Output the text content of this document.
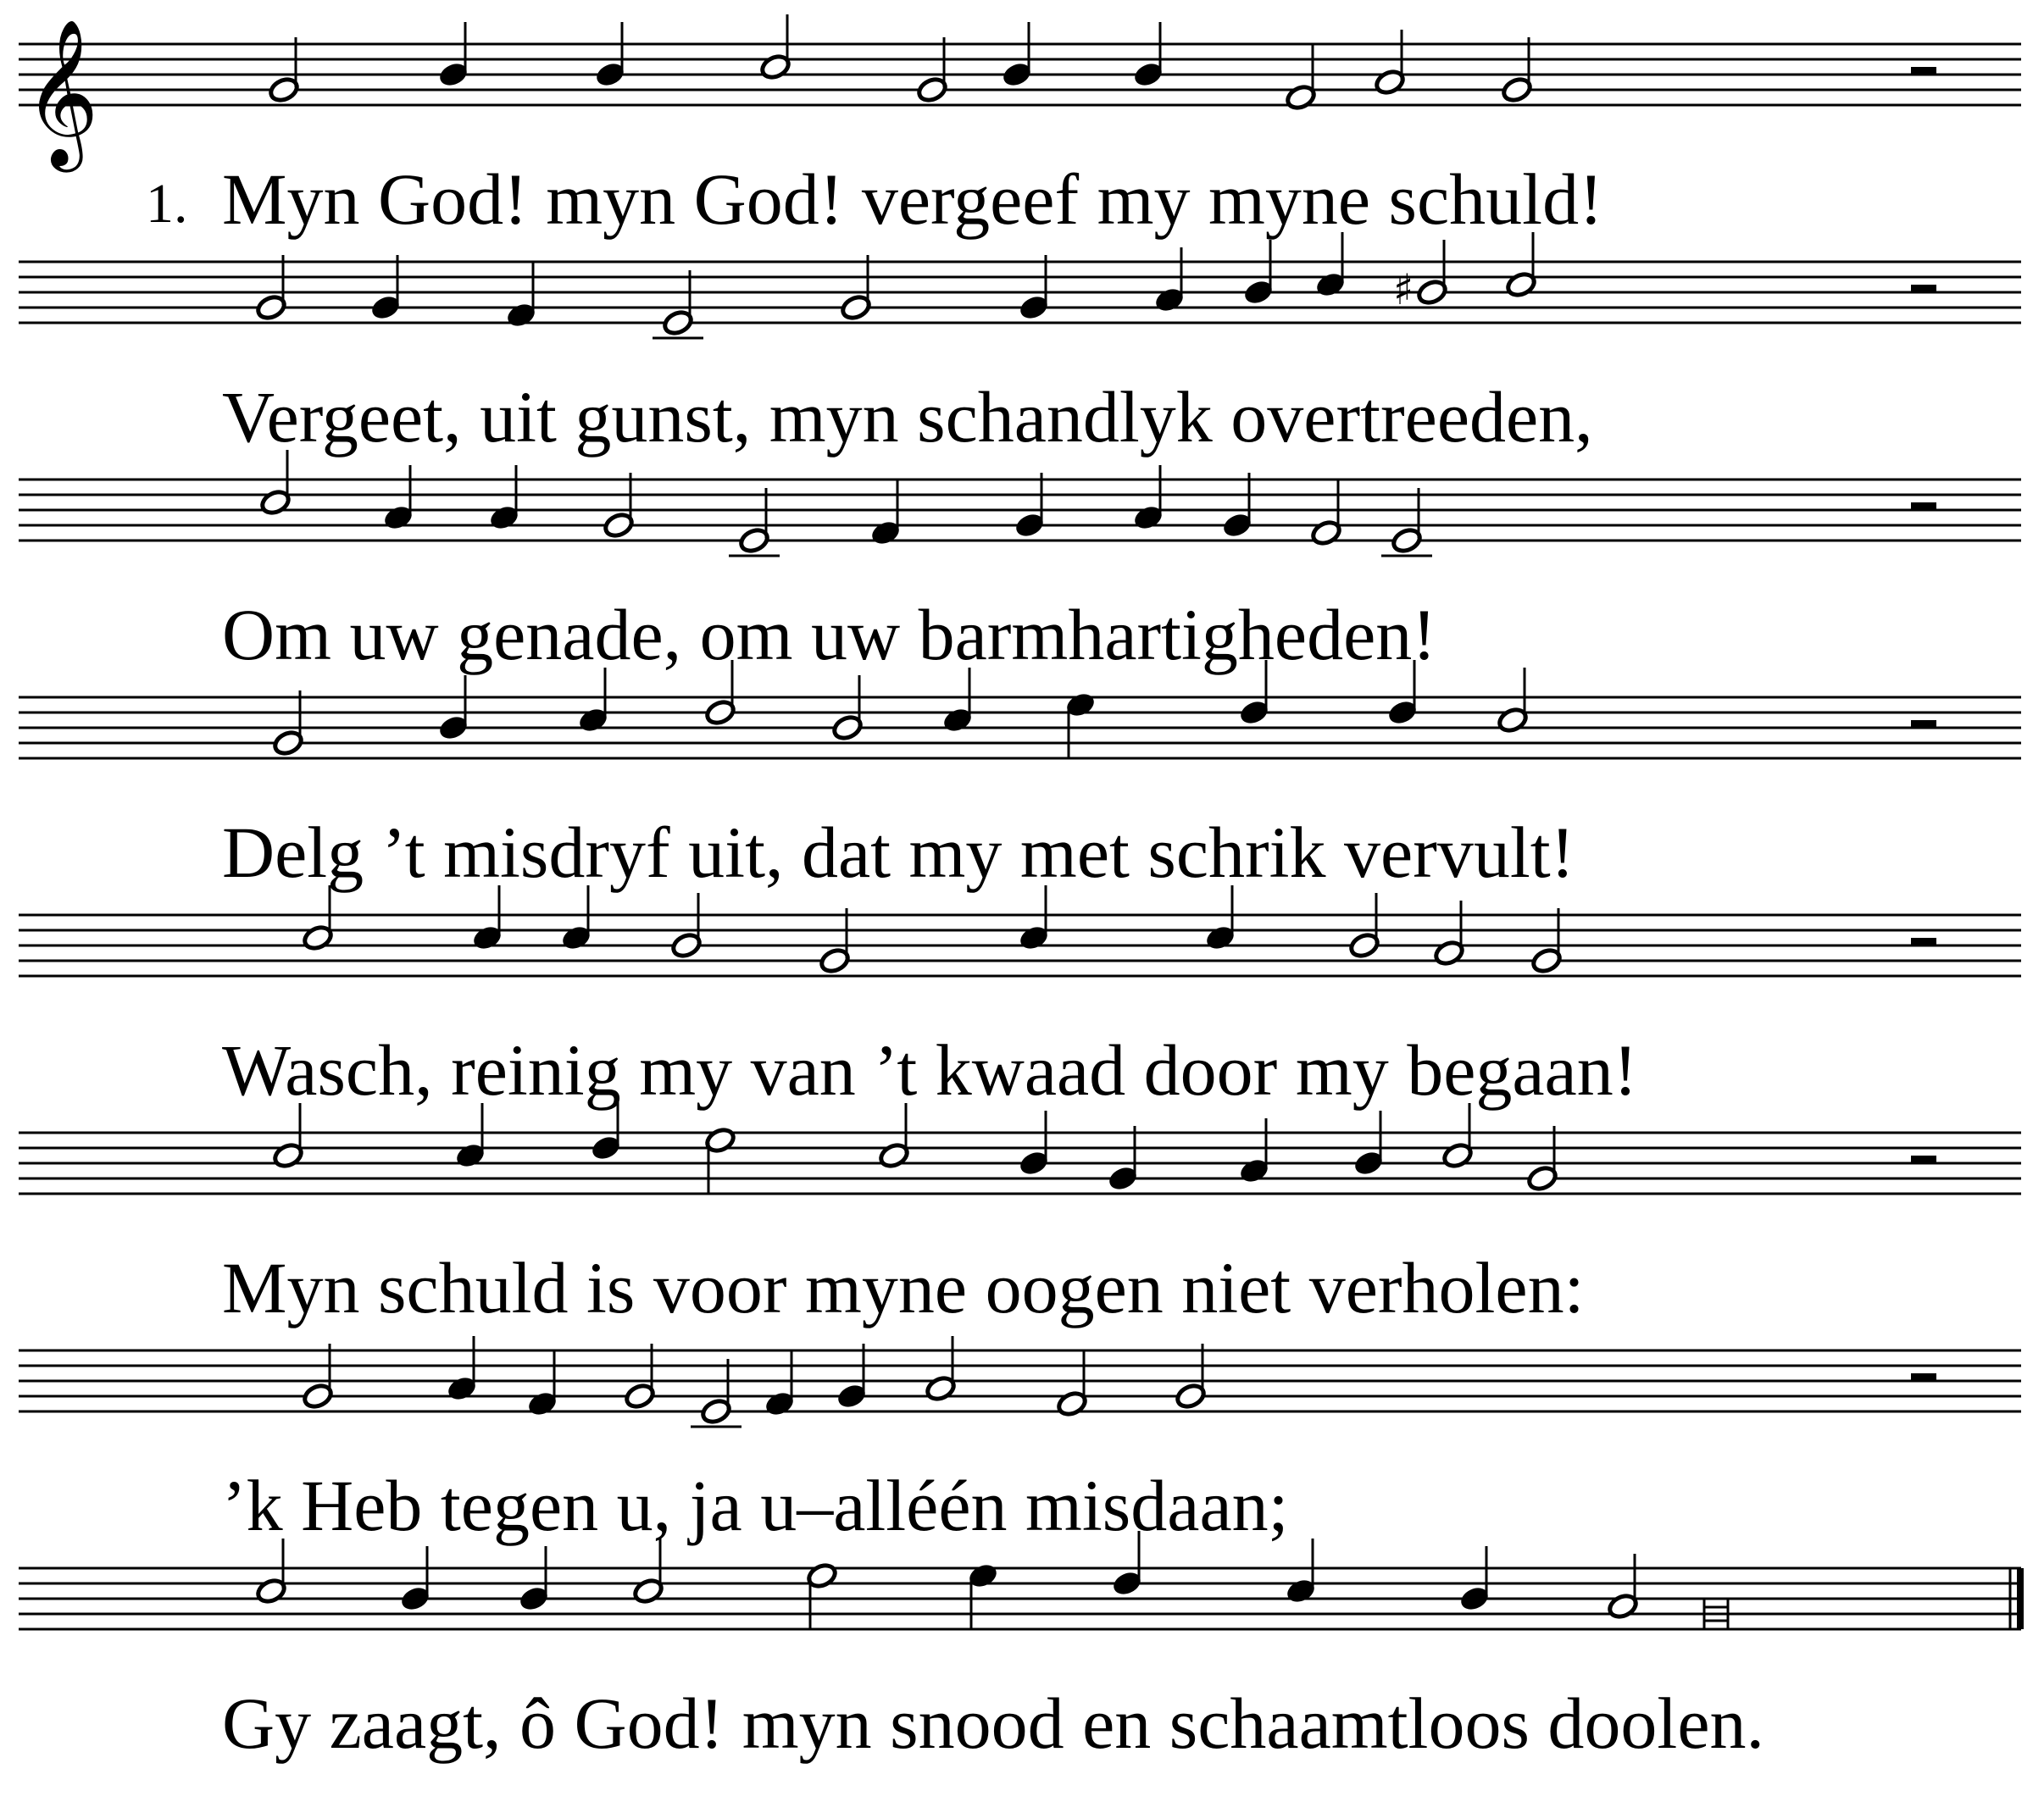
𝄞
♯
Myn God! myn God! vergeef my myne schuld!
Vergeet, uit gunst, myn schandlyk overtreeden,
Om uw genade, om uw barmhartigheden!
Delg ’t misdryf uit, dat my met schrik vervult!
Wasch, reinig my van ’t kwaad door my begaan!
Myn schuld is voor myne oogen niet verholen:
’k Heb tegen u, ja u–alléén misdaan;
Gy zaagt, ô God! myn snood en schaamtloos doolen.
1.
